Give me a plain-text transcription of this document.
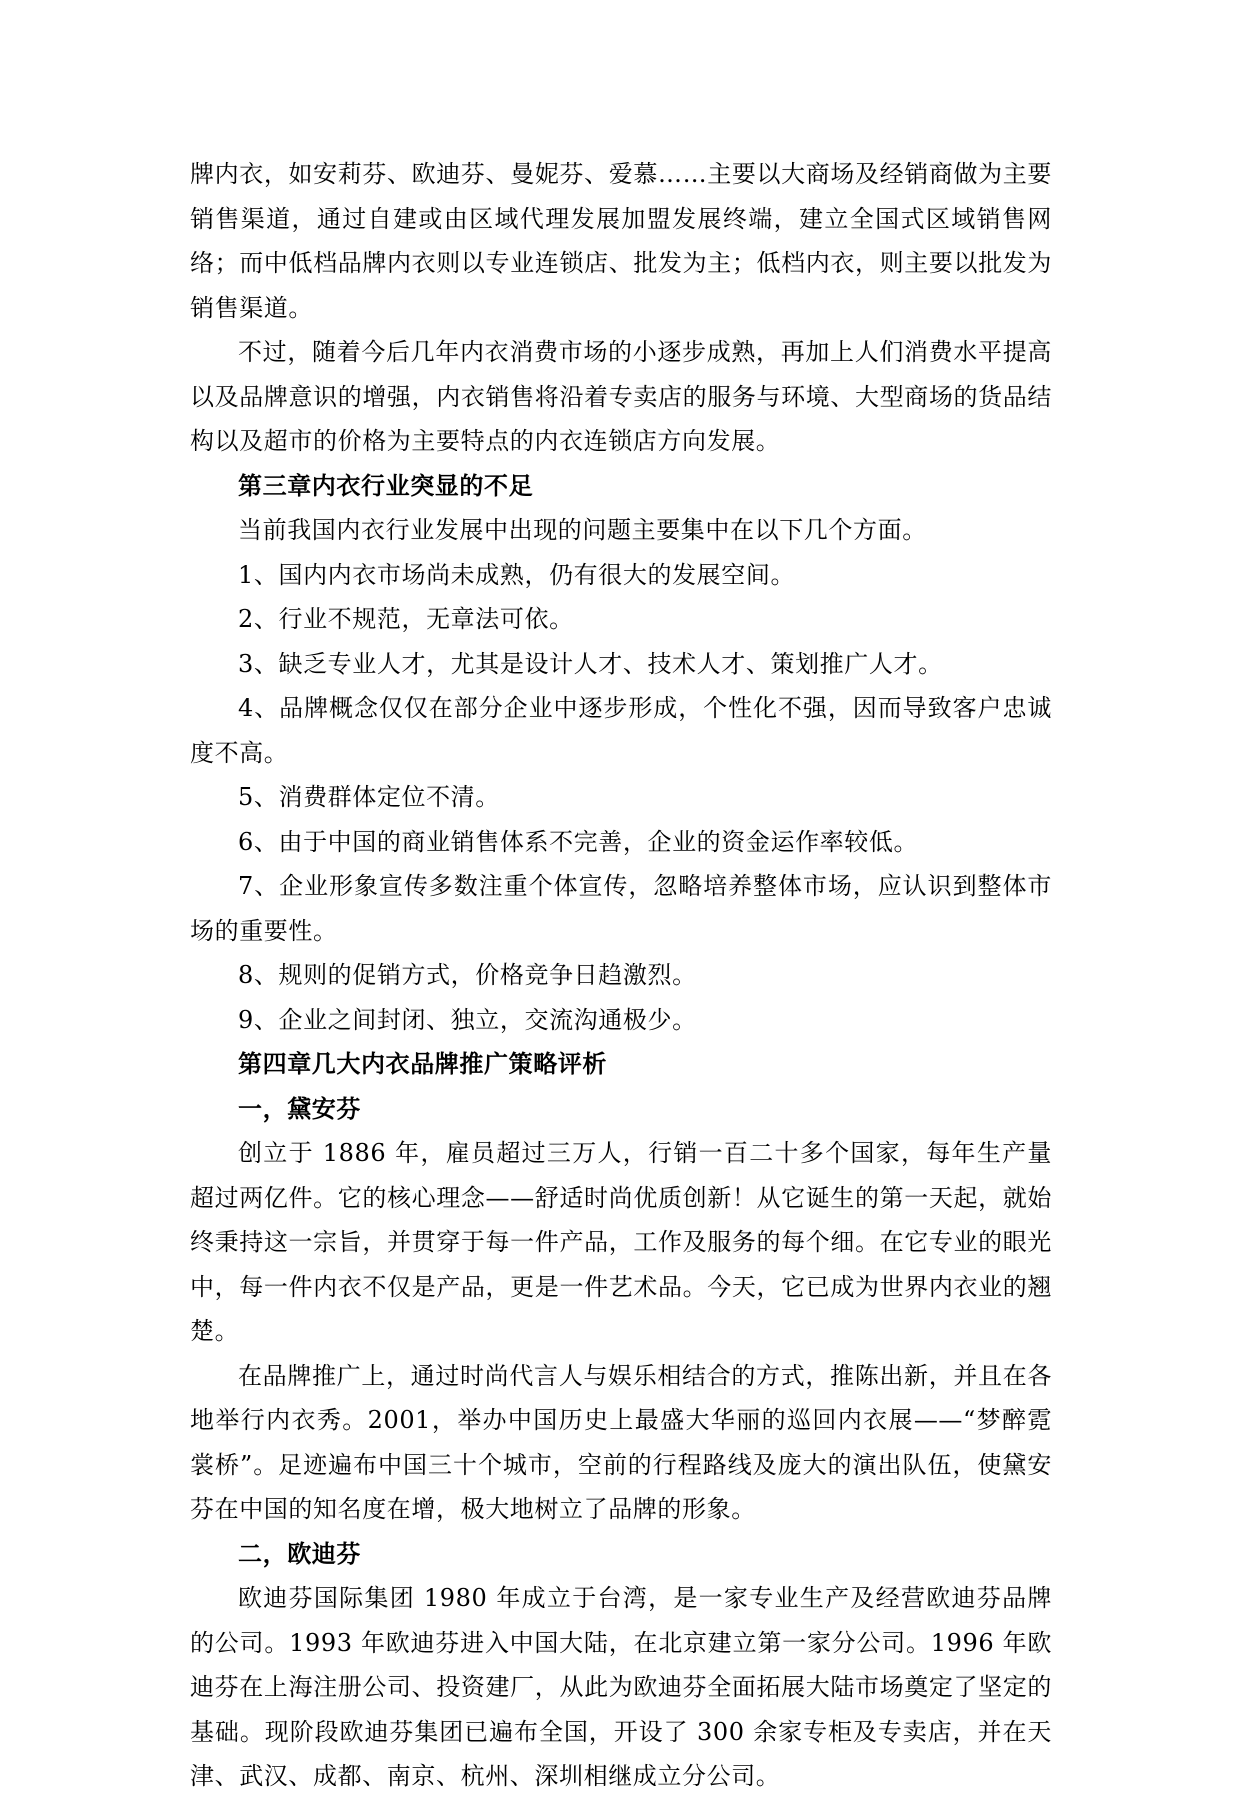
牌内衣，如安莉芬、欧迪芬、曼妮芬、爱慕……主要以大商场及经销商做为主要销售渠道，通过自建或由区域代理发展加盟发展终端，建立全国式区域销售网络；而中低档品牌内衣则以专业连锁店、批发为主；低档内衣，则主要以批发为销售渠道。

不过，随着今后几年内衣消费市场的小逐步成熟，再加上人们消费水平提高以及品牌意识的增强，内衣销售将沿着专卖店的服务与环境、大型商场的货品结构以及超市的价格为主要特点的内衣连锁店方向发展。

第三章内衣行业突显的不足

当前我国内衣行业发展中出现的问题主要集中在以下几个方面。

1、国内内衣市场尚未成熟，仍有很大的发展空间。

2、行业不规范，无章法可依。

3、缺乏专业人才，尤其是设计人才、技术人才、策划推广人才。

4、品牌概念仅仅在部分企业中逐步形成，个性化不强，因而导致客户忠诚度不高。

5、消费群体定位不清。

6、由于中国的商业销售体系不完善，企业的资金运作率较低。

7、企业形象宣传多数注重个体宣传，忽略培养整体市场，应认识到整体市场的重要性。

8、规则的促销方式，价格竞争日趋激烈。

9、企业之间封闭、独立，交流沟通极少。

第四章几大内衣品牌推广策略评析

一，黛安芬

创立于 1886 年，雇员超过三万人，行销一百二十多个国家，每年生产量超过两亿件。它的核心理念——舒适时尚优质创新！从它诞生的第一天起，就始终秉持这一宗旨，并贯穿于每一件产品，工作及服务的每个细。在它专业的眼光中，每一件内衣不仅是产品，更是一件艺术品。今天，它已成为世界内衣业的翘楚。

在品牌推广上，通过时尚代言人与娱乐相结合的方式，推陈出新，并且在各地举行内衣秀。2001，举办中国历史上最盛大华丽的巡回内衣展——“梦醉霓裳桥”。足迹遍布中国三十个城市，空前的行程路线及庞大的演出队伍，使黛安芬在中国的知名度在增，极大地树立了品牌的形象。

二，欧迪芬

欧迪芬国际集团 1980 年成立于台湾，是一家专业生产及经营欧迪芬品牌的公司。1993 年欧迪芬进入中国大陆，在北京建立第一家分公司。1996 年欧迪芬在上海注册公司、投资建厂，从此为欧迪芬全面拓展大陆市场奠定了坚定的基础。现阶段欧迪芬集团已遍布全国，开设了 300 余家专柜及专卖店，并在天津、武汉、成都、南京、杭州、深圳相继成立分公司。
